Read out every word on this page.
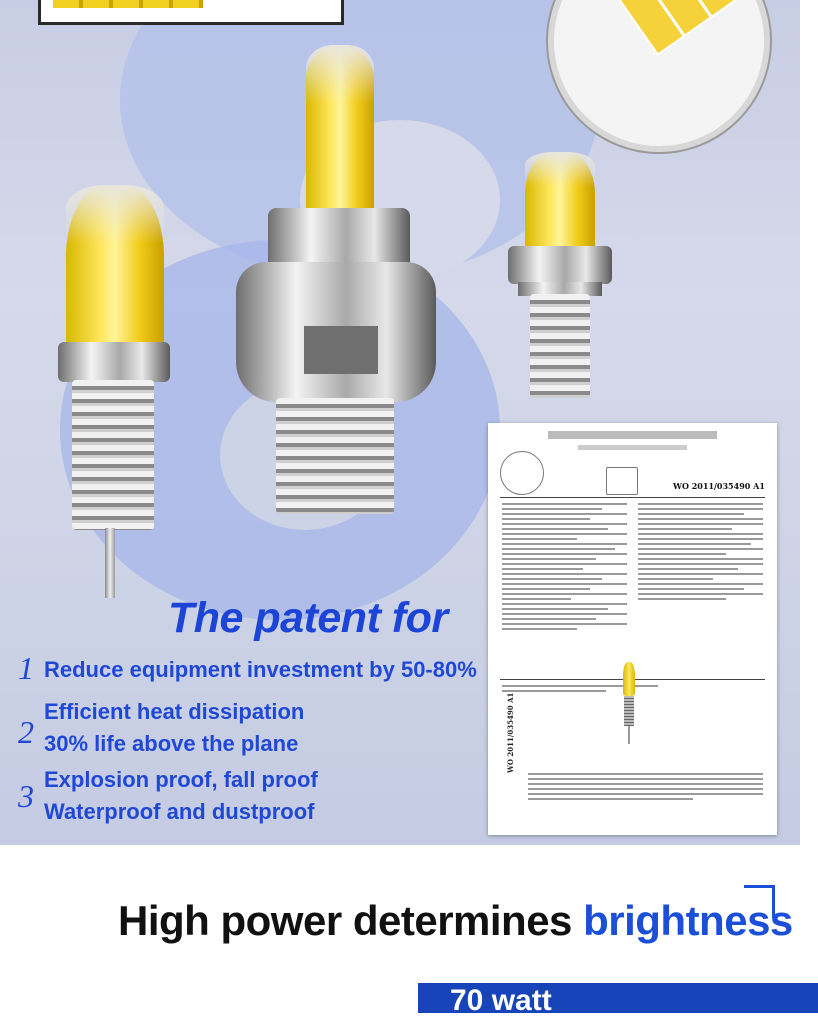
WO 2011/035490 A1
WO 2011/035490 A1
The patent for
1 Reduce equipment investment by 50-80%
2
Efficient heat dissipation
30% life above the plane
3 Explosion proof, fall proof
Waterproof and dustproof
High power determines brightness
70 watt
